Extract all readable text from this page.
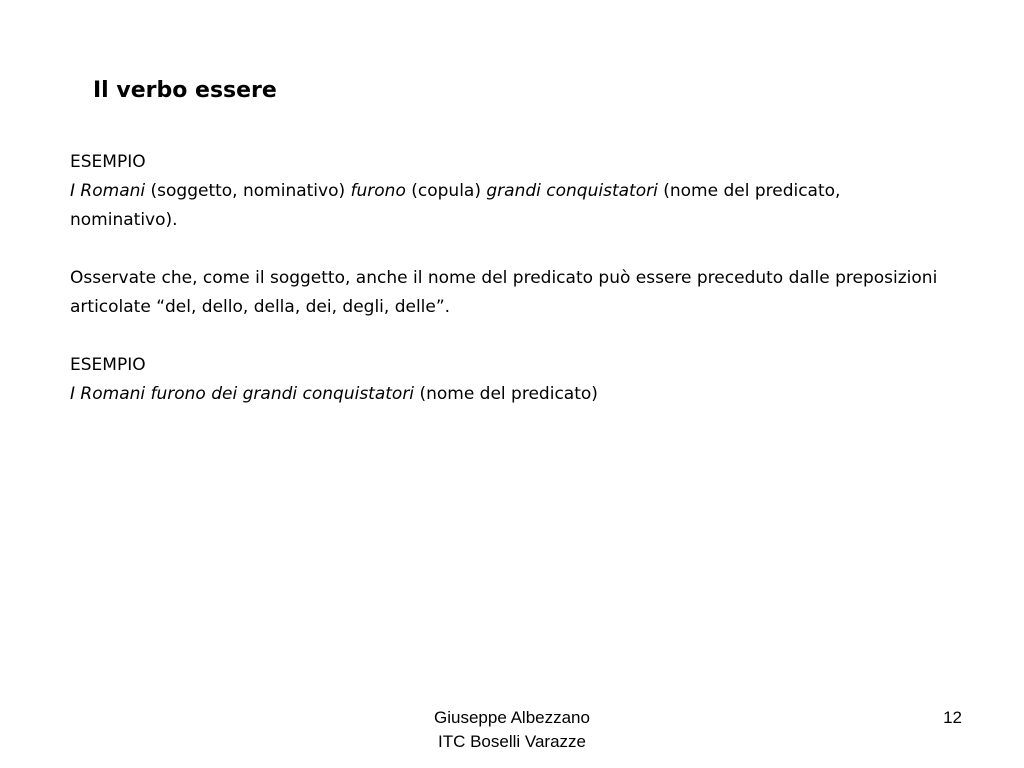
Il verbo essere

ESEMPIO

I Romani (soggetto, nominativo) furono (copula) grandi conquistatori (nome del predicato, nominativo).

Osservate che, come il soggetto, anche il nome del predicato può essere preceduto dalle preposizioni articolate “del, dello, della, dei, degli, delle”.

ESEMPIO

I Romani furono dei grandi conquistatori (nome del predicato)

Giuseppe Albezzano
ITC Boselli Varazze
12
